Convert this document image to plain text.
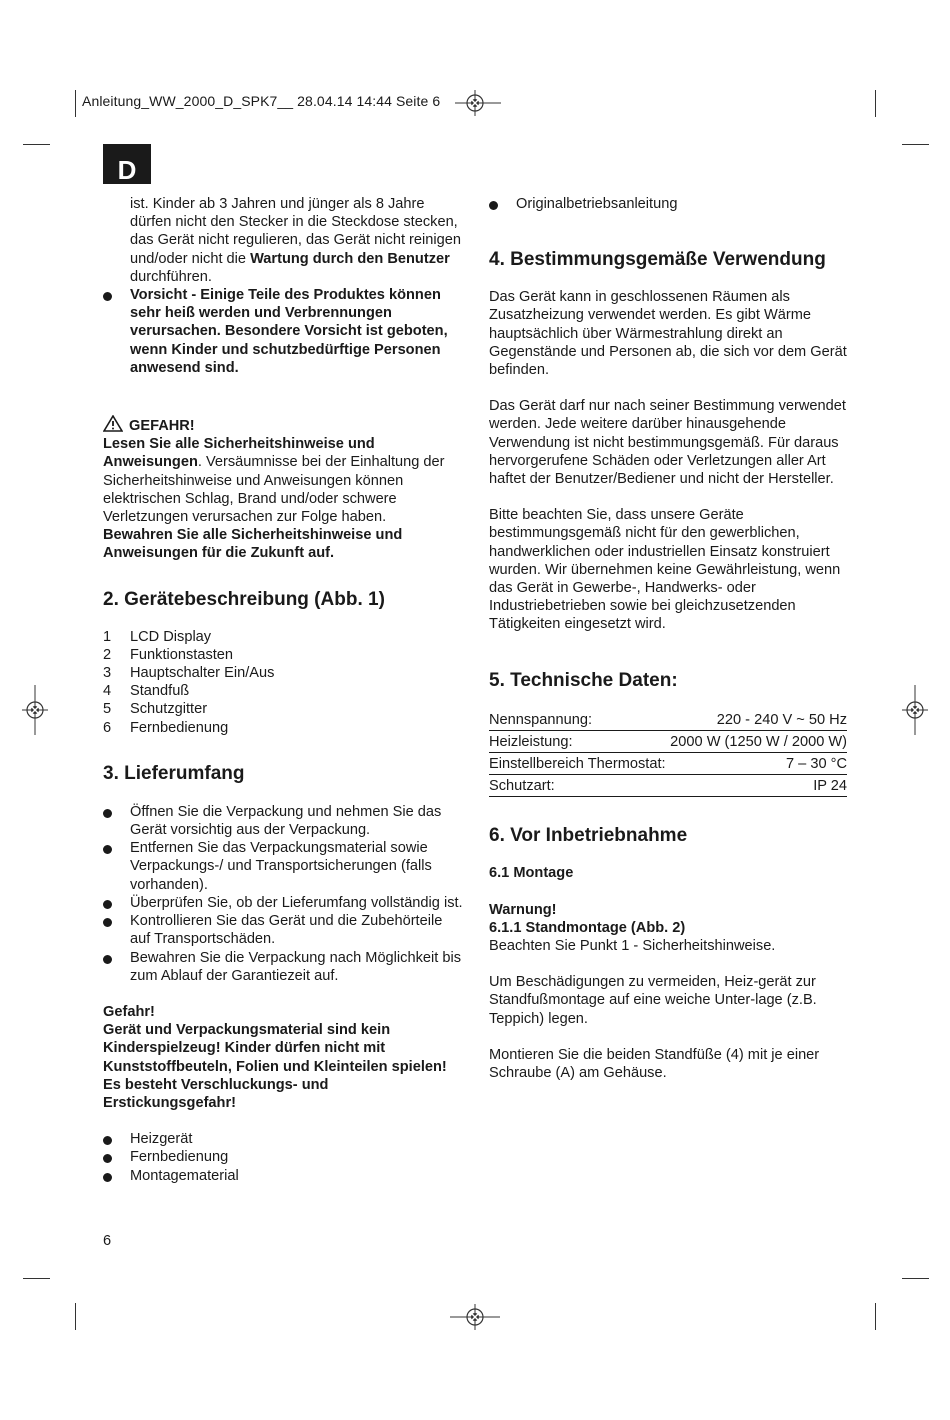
Anleitung_WW_2000_D_SPK7__ 28.04.14 14:44 Seite 6
D

ist. Kinder ab 3 Jahren und jünger als 8 Jahre dürfen nicht den Stecker in die Steckdose stecken, das Gerät nicht regulieren, das Gerät nicht reinigen und/oder nicht die Wartung durch den Benutzer durchführen.

Vorsicht - Einige Teile des Produktes können sehr heiß werden und Verbrennungen verursachen. Besondere Vorsicht ist geboten, wenn Kinder und schutzbedürftige Personen anwesend sind.
GEFAHR!

Lesen Sie alle Sicherheitshinweise und Anweisungen. Versäumnisse bei der Einhaltung der Sicherheitshinweise und Anweisungen können elektrischen Schlag, Brand und/oder schwere Verletzungen verursachen zur Folge haben.

Bewahren Sie alle Sicherheitshinweise und Anweisungen für die Zukunft auf.

2. Gerätebeschreibung (Abb. 1)
1 LCD Display
2 Funktionstasten
3 Hauptschalter Ein/Aus
4 Standfuß
5 Schutzgitter
6 Fernbedienung
3. Lieferumfang
Öffnen Sie die Verpackung und nehmen Sie das Gerät vorsichtig aus der Verpackung.
Entfernen Sie das Verpackungsmaterial sowie Verpackungs-/ und Transportsicherungen (falls vorhanden).
Überprüfen Sie, ob der Lieferumfang vollständig ist.
Kontrollieren Sie das Gerät und die Zubehörteile auf Transportschäden.
Bewahren Sie die Verpackung nach Möglichkeit bis zum Ablauf der Garantiezeit auf.

Gefahr!

Gerät und Verpackungsmaterial sind kein Kinderspielzeug! Kinder dürfen nicht mit Kunststoffbeuteln, Folien und Kleinteilen spielen!

Es besteht Verschluckungs- und Erstickungsgefahr!

Heizgerät
Fernbedienung
Montagematerial
6
Originalbetriebsanleitung
4. Bestimmungsgemäße Verwendung

Das Gerät kann in geschlossenen Räumen als Zusatzheizung verwendet werden. Es gibt Wärme hauptsächlich über Wärmestrahlung direkt an Gegenstände und Personen ab, die sich vor dem Gerät befinden.

Das Gerät darf nur nach seiner Bestimmung verwendet werden. Jede weitere darüber hinausgehende Verwendung ist nicht bestimmungsgemäß. Für daraus hervorgerufene Schäden oder Verletzungen aller Art haftet der Benutzer/Bediener und nicht der Hersteller.

Bitte beachten Sie, dass unsere Geräte bestimmungsgemäß nicht für den gewerblichen, handwerklichen oder industriellen Einsatz konstruiert wurden. Wir übernehmen keine Gewährleistung, wenn das Gerät in Gewerbe-, Handwerks- oder Industriebetrieben sowie bei gleichzusetzenden Tätigkeiten eingesetzt wird.

5. Technische Daten:
Nennspannung:	220 - 240 V ~ 50 Hz
Heizleistung:	2000 W (1250 W / 2000 W)
Einstellbereich Thermostat:	7 – 30 °C
Schutzart:	IP 24
6. Vor Inbetriebnahme
6.1 Montage

Warnung!

6.1.1 Standmontage (Abb. 2)

Beachten Sie Punkt 1 - Sicherheitshinweise.

Um Beschädigungen zu vermeiden, Heiz-gerät zur Standfußmontage auf eine weiche Unter-lage (z.B. Teppich) legen.

Montieren Sie die beiden Standfüße (4) mit je einer Schraube (A) am Gehäuse.
